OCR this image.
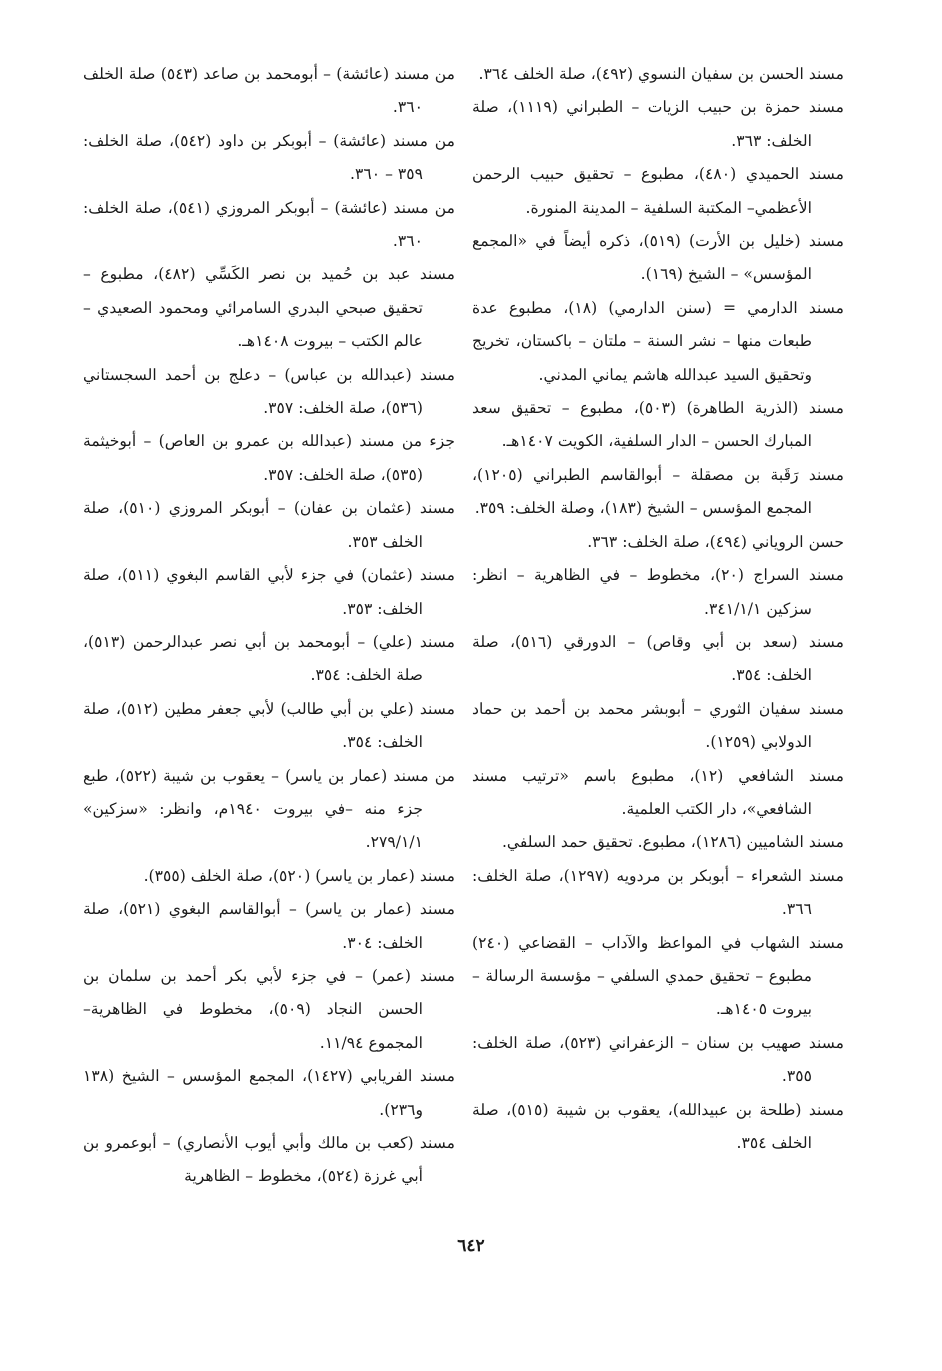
مسند الحسن بن سفيان النسوي (٤٩٢)، صلة الخلف ٣٦٤.

مسند حمزة بن حبيب الزيات – الطبراني (١١١٩)، صلة الخلف: ٣٦٣.

مسند الحميدي (٤٨٠)، مطبوع – تحقيق حبيب الرحمن الأعظمي– المكتبة السلفية – المدينة المنورة.

مسند (خليل بن الأرت) (٥١٩)، ذكره أيضاً في «المجمع المؤسس» – الشيخ (١٦٩).

مسند الدارمي = (سنن الدارمي) (١٨)، مطبوع عدة طبعات منها – نشر السنة – ملتان – باكستان، تخريج وتحقيق السيد عبدالله هاشم يماني المدني.

مسند (الذرية الطاهرة) (٥٠٣)، مطبوع – تحقيق سعد المبارك الحسن – الدار السلفية، الكويت ١٤٠٧هـ.

مسند رَقَبة بن مصقلة – أبوالقاسم الطبراني (١٢٠٥)، المجمع المؤسس – الشيخ (١٨٣)، وصلة الخلف: ٣٥٩.

حسن الروياني (٤٩٤)، صلة الخلف: ٣٦٣.

مسند السراج (٢٠)، مخطوط – في الظاهرية – انظر: سزكين ٣٤١/١/١.

مسند (سعد بن أبي وقاص) – الدورقي (٥١٦)، صلة الخلف: ٣٥٤.

مسند سفيان الثوري – أبوبشر محمد بن أحمد بن حماد الدولابي (١٢٥٩).

مسند الشافعي (١٢)، مطبوع باسم «ترتيب مسند الشافعي»، دار الكتب العلمية.

مسند الشاميين (١٢٨٦)، مطبوع. تحقيق حمد السلفي.

مسند الشعراء – أبوبكر بن مردويه (١٢٩٧)، صلة الخلف: ٣٦٦.

مسند الشهاب في المواعظ والآداب – القضاعي (٢٤٠) مطبوع – تحقيق حمدي السلفي – مؤسسة الرسالة – بيروت ١٤٠٥هـ.

مسند صهيب بن سنان – الزعفراني (٥٢٣)، صلة الخلف: ٣٥٥.

مسند (طلحة بن عبيدالله)، يعقوب بن شيبة (٥١٥)، صلة الخلف ٣٥٤.

من مسند (عائشة) – أبومحمد بن صاعد (٥٤٣) صلة الخلف ٣٦٠.

من مسند (عائشة) – أبوبكر بن داود (٥٤٢)، صلة الخلف: ٣٥٩ – ٣٦٠.

من مسند (عائشة) – أبوبكر المروزي (٥٤١)، صلة الخلف: ٣٦٠.

مسند عبد بن حُميد بن نصر الكَسِّي (٤٨٢)، مطبوع – تحقيق صبحي البدري السامرائي ومحمود الصعيدي – عالم الكتب – بيروت ١٤٠٨هـ.

مسند (عبدالله بن عباس) – دعلج بن أحمد السجستاني (٥٣٦)، صلة الخلف: ٣٥٧.

جزء من مسند (عبدالله بن عمرو بن العاص) – أبوخيثمة (٥٣٥)، صلة الخلف: ٣٥٧.

مسند (عثمان بن عفان) – أبوبكر المروزي (٥١٠)، صلة الخلف ٣٥٣.

مسند (عثمان) في جزء لأبي القاسم البغوي (٥١١)، صلة الخلف: ٣٥٣.

مسند (علي) – أبومحمد بن أبي نصر عبدالرحمن (٥١٣)، صلة الخلف: ٣٥٤.

مسند (علي بن أبي طالب) لأبي جعفر مطين (٥١٢)، صلة الخلف: ٣٥٤.

من مسند (عمار بن ياسر) – يعقوب بن شيبة (٥٢٢)، طبع جزء منه –في بيروت ١٩٤٠م، وانظر: «سزكين» ٢٧٩/١/١.

مسند (عمار بن ياسر) (٥٢٠)، صلة الخلف (٣٥٥).

مسند (عمار بن ياسر) – أبوالقاسم البغوي (٥٢١)، صلة الخلف: ٣٠٤.

مسند (عمر) – في جزء لأبي بكر أحمد بن سلمان بن الحسن النجاد (٥٠٩)، مخطوط في الظاهرية–المجموع ١١/٩٤.

مسند الفريابي (١٤٢٧)، المجمع المؤسس – الشيخ (١٣٨ و٢٣٦).

مسند (كعب بن مالك وأبي أيوب الأنصاري) – أبوعمرو بن أبي غرزة (٥٢٤)، مخطوط – الظاهرية

٦٤٢
